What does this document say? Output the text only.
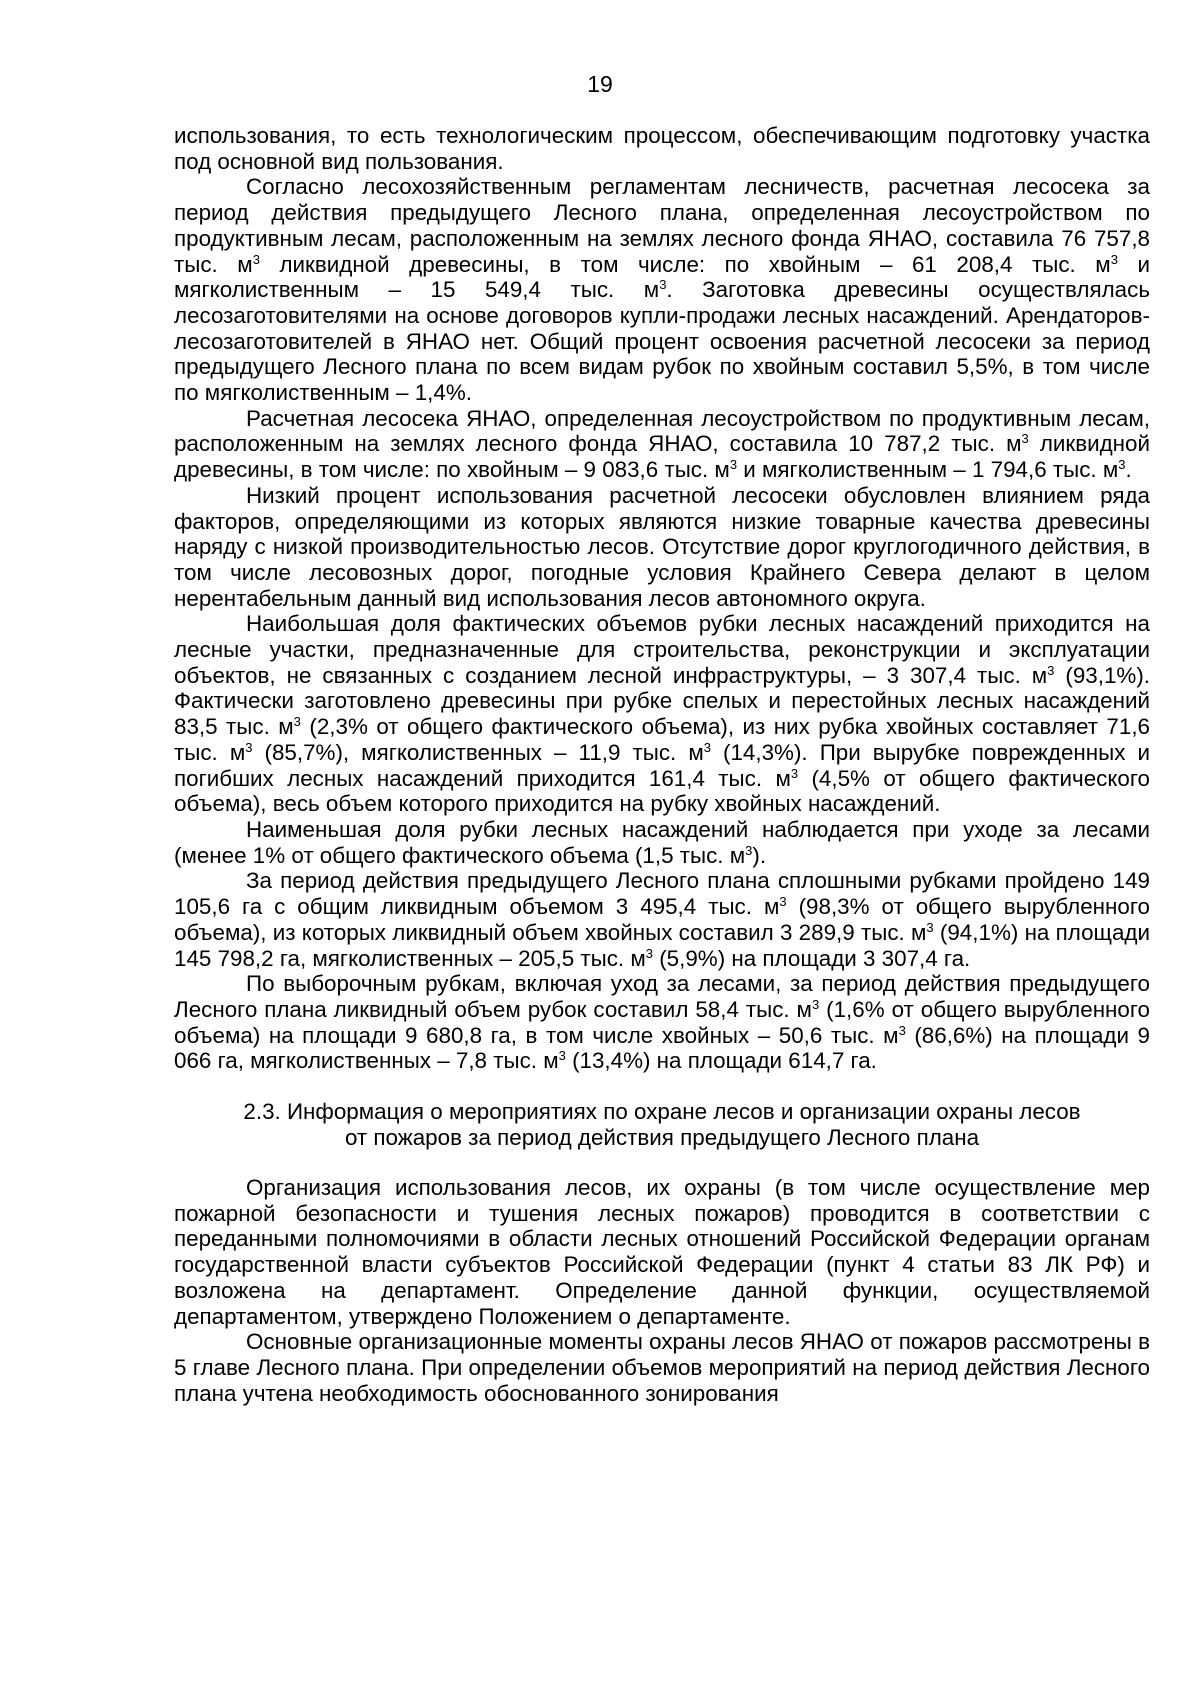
19

использования, то есть технологическим процессом, обеспечивающим подготовку участка под основной вид пользования.

Согласно лесохозяйственным регламентам лесничеств, расчетная лесосека за период действия предыдущего Лесного плана, определенная лесоустройством по продуктивным лесам, расположенным на землях лесного фонда ЯНАО, составила 76 757,8 тыс. $м^3$ ликвидной древесины, в том числе: по хвойным – 61 208,4 тыс. $м^3$ и мягколиственным – 15 549,4 тыс. $м^3$. Заготовка древесины осуществлялась лесозаготовителями на основе договоров купли-продажи лесных насаждений. Арендаторов-лесозаготовителей в ЯНАО нет. Общий процент освоения расчетной лесосеки за период предыдущего Лесного плана по всем видам рубок по хвойным составил 5,5%, в том числе по мягколиственным – 1,4%.

Расчетная лесосека ЯНАО, определенная лесоустройством по продуктивным лесам, расположенным на землях лесного фонда ЯНАО, составила 10 787,2 тыс. $м^3$ ликвидной древесины, в том числе: по хвойным – 9 083,6 тыс. $м^3$ и мягколиственным – 1 794,6 тыс. $м^3$.

Низкий процент использования расчетной лесосеки обусловлен влиянием ряда факторов, определяющими из которых являются низкие товарные качества древесины наряду с низкой производительностью лесов. Отсутствие дорог круглогодичного действия, в том числе лесовозных дорог, погодные условия Крайнего Севера делают в целом нерентабельным данный вид использования лесов автономного округа.

Наибольшая доля фактических объемов рубки лесных насаждений приходится на лесные участки, предназначенные для строительства, реконструкции и эксплуатации объектов, не связанных с созданием лесной инфраструктуры, – 3 307,4 тыс. $м^3$ (93,1%). Фактически заготовлено древесины при рубке спелых и перестойных лесных насаждений 83,5 тыс. $м^3$ (2,3% от общего фактического объема), из них рубка хвойных составляет 71,6 тыс. $м^3$ (85,7%), мягколиственных – 11,9 тыс. $м^3$ (14,3%). При вырубке поврежденных и погибших лесных насаждений приходится 161,4 тыс. $м^3$ (4,5% от общего фактического объема), весь объем которого приходится на рубку хвойных насаждений.

Наименьшая доля рубки лесных насаждений наблюдается при уходе за лесами (менее 1% от общего фактического объема (1,5 тыс. $м^3$).

За период действия предыдущего Лесного плана сплошными рубками пройдено 149 105,6 га с общим ликвидным объемом 3 495,4 тыс. $м^3$ (98,3% от общего вырубленного объема), из которых ликвидный объем хвойных составил 3 289,9 тыс. $м^3$ (94,1%) на площади 145 798,2 га, мягколиственных – 205,5 тыс. $м^3$ (5,9%) на площади 3 307,4 га.

По выборочным рубкам, включая уход за лесами, за период действия предыдущего Лесного плана ликвидный объем рубок составил 58,4 тыс. $м^3$ (1,6% от общего вырубленного объема) на площади 9 680,8 га, в том числе хвойных – 50,6 тыс. $м^3$ (86,6%) на площади 9 066 га, мягколиственных – 7,8 тыс. $м^3$ (13,4%) на площади 614,7 га.

2.3. Информация о мероприятиях по охране лесов и организации охраны лесов
от пожаров за период действия предыдущего Лесного плана

Организация использования лесов, их охраны (в том числе осуществление мер пожарной безопасности и тушения лесных пожаров) проводится в соответствии с переданными полномочиями в области лесных отношений Российской Федерации органам государственной власти субъектов Российской Федерации (пункт 4 статьи 83 ЛК РФ) и возложена на департамент. Определение данной функции, осуществляемой департаментом, утверждено Положением о департаменте.

Основные организационные моменты охраны лесов ЯНАО от пожаров рассмотрены в 5 главе Лесного плана. При определении объемов мероприятий на период действия Лесного плана учтена необходимость обоснованного зонирования
